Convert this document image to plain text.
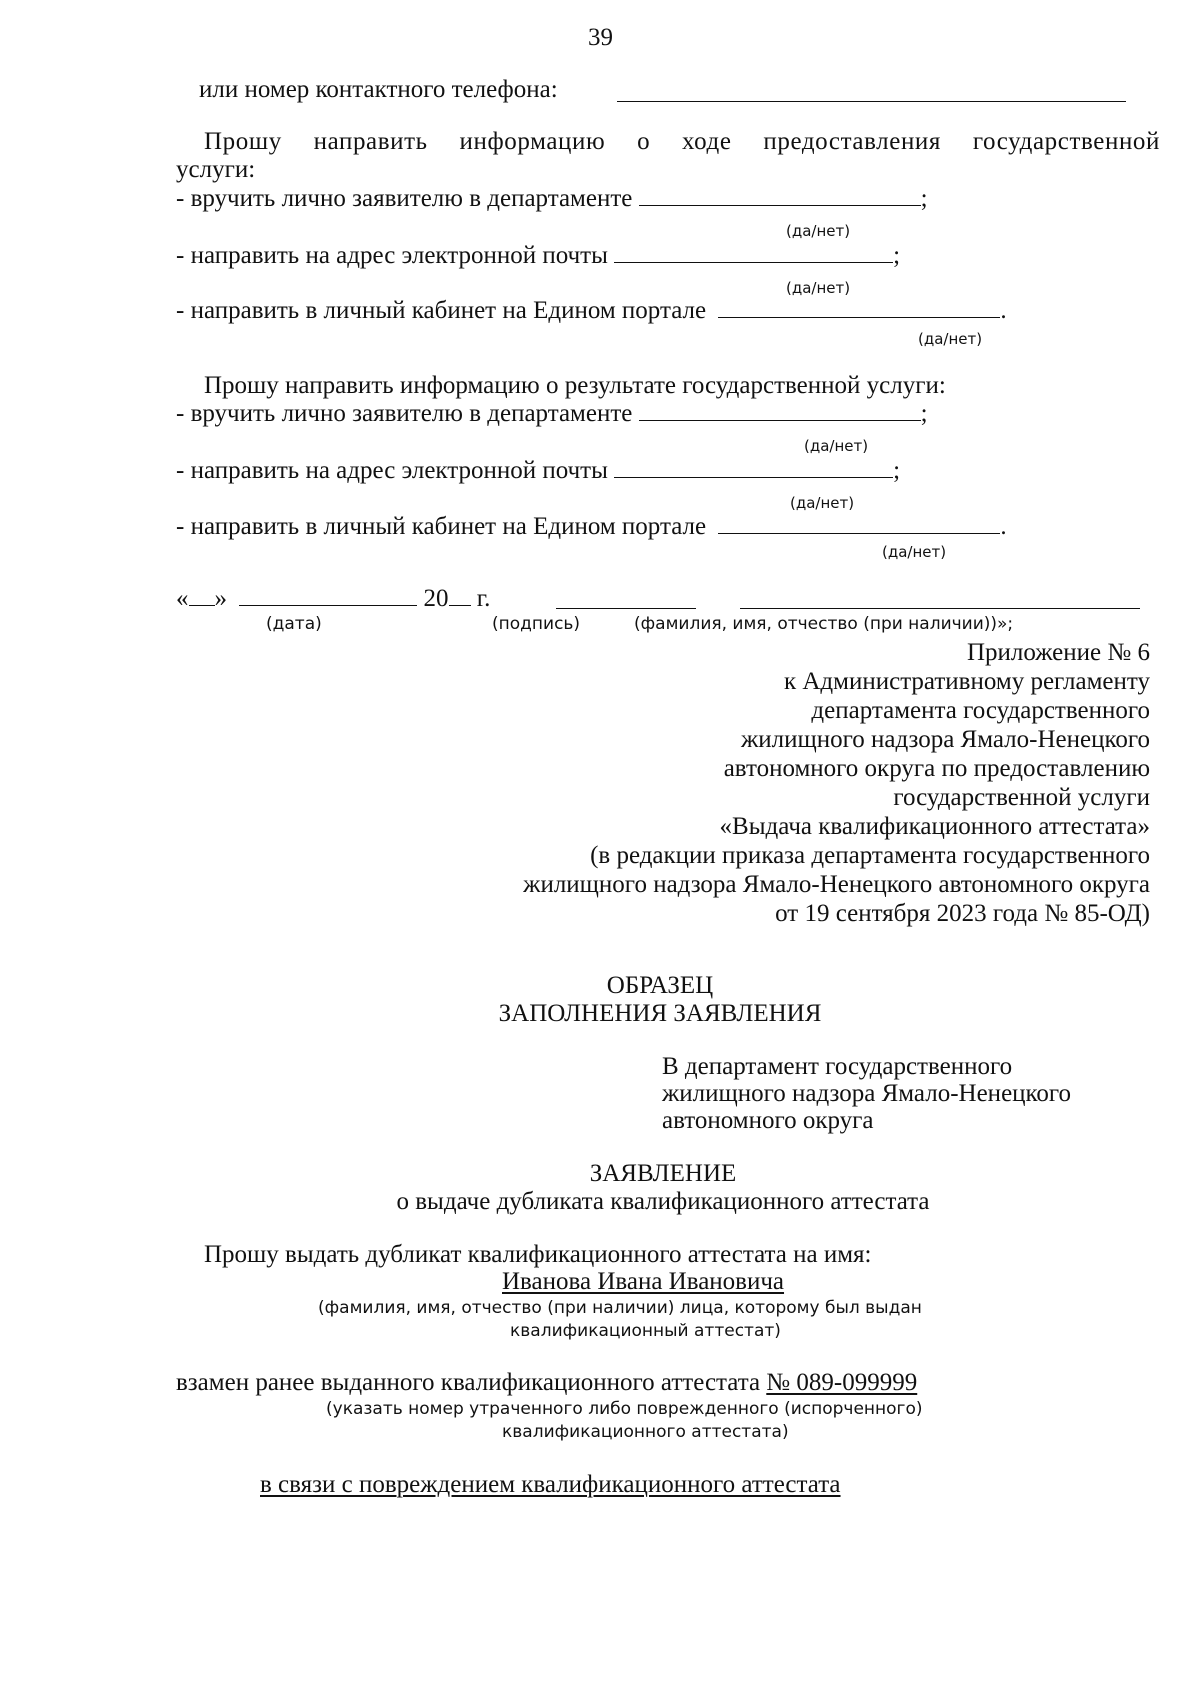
39
или номер контактного телефона:
Прошу направить информацию о ходе предоставления государственной
услуги:
- вручить лично заявителю в департаменте	;
(да/нет)
- направить на адрес электронной почты	;
(да/нет)
- направить в личный кабинет на Едином портале	.
(да/нет)
Прошу направить информацию о результате государственной услуги:
- вручить лично заявителю в департаменте	;
(да/нет)
- направить на адрес электронной почты	;
(да/нет)
- направить в личный кабинет на Едином портале	.
(да/нет)
« »	20 г.
(дата)	(подпись)	(фамилия, имя, отчество (при наличии))»;
Приложение № 6
к Административному регламенту
департамента государственного
жилищного надзора Ямало-Ненецкого
автономного округа по предоставлению
государственной услуги
«Выдача квалификационного аттестата»
(в редакции приказа департамента государственного
жилищного надзора Ямало-Ненецкого автономного округа
от 19 сентября 2023 года № 85-ОД)
ОБРАЗЕЦ
ЗАПОЛНЕНИЯ ЗАЯВЛЕНИЯ
В департамент государственного
жилищного надзора Ямало-Ненецкого
автономного округа
ЗАЯВЛЕНИЕ
о выдаче дубликата квалификационного аттестата
Прошу выдать дубликат квалификационного аттестата на имя:
Иванова Ивана Ивановича
(фамилия, имя, отчество (при наличии) лица, которому был выдан
квалификационный аттестат)
взамен ранее выданного квалификационного аттестата № 089-099999
(указать номер утраченного либо поврежденного (испорченного)
квалификационного аттестата)
в связи с повреждением квалификационного аттестата
